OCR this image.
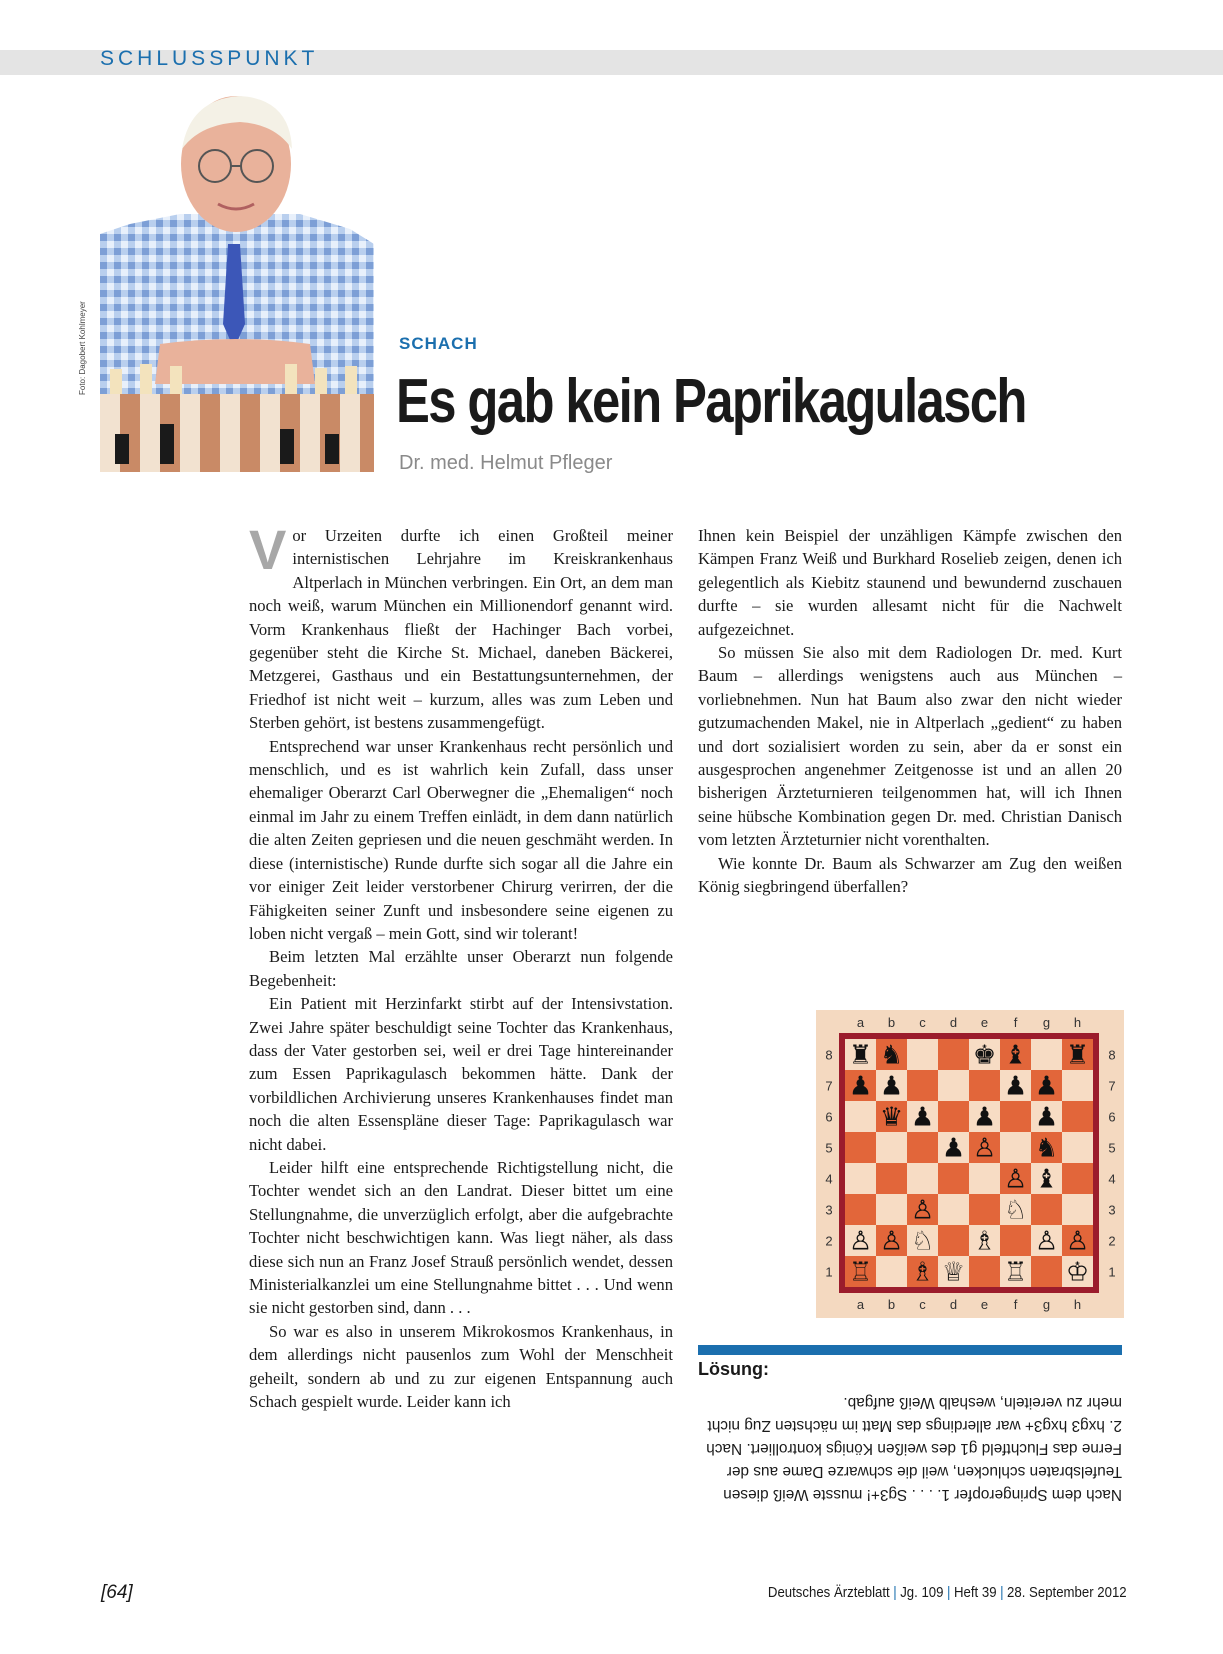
SCHLUSSPUNKT
Foto: Dagobert Kohlmeyer	SCHACH
Es gab kein Paprikagulasch
Dr. med. Helmut Pfleger

Vor Urzeiten durfte ich einen Großteil meiner internistischen Lehrjahre im Kreiskrankenhaus Altperlach in München verbringen. Ein Ort, an dem man noch weiß, warum München ein Millionendorf genannt wird. Vorm Krankenhaus fließt der Hachinger Bach vorbei, gegenüber steht die Kirche St. Michael, daneben Bäckerei, Metzgerei, Gasthaus und ein Bestattungsunternehmen, der Friedhof ist nicht weit – kurzum, alles was zum Leben und Sterben gehört, ist bestens zusammengefügt.

Entsprechend war unser Krankenhaus recht persönlich und menschlich, und es ist wahrlich kein Zufall, dass unser ehemaliger Oberarzt Carl Oberwegner die „Ehemaligen“ noch einmal im Jahr zu einem Treffen einlädt, in dem dann natürlich die alten Zeiten gepriesen und die neuen geschmäht werden. In diese (internistische) Runde durfte sich sogar all die Jahre ein vor einiger Zeit leider verstorbener Chirurg verirren, der die Fähigkeiten seiner Zunft und insbesondere seine eigenen zu loben nicht vergaß – mein Gott, sind wir tolerant!

Beim letzten Mal erzählte unser Oberarzt nun folgende Begebenheit:

Ein Patient mit Herzinfarkt stirbt auf der Intensivstation. Zwei Jahre später beschuldigt seine Tochter das Krankenhaus, dass der Vater gestorben sei, weil er drei Tage hintereinander zum Essen Paprikagulasch bekommen hätte. Dank der vorbildlichen Archivierung unseres Krankenhauses findet man noch die alten Essenspläne dieser Tage: Paprikagulasch war nicht dabei.

Leider hilft eine entsprechende Richtigstellung nicht, die Tochter wendet sich an den Landrat. Dieser bittet um eine Stellungnahme, die unverzüglich erfolgt, aber die aufgebrachte Tochter nicht beschwichtigen kann. Was liegt näher, als dass diese sich nun an Franz Josef Strauß persönlich wendet, dessen Ministerialkanzlei um eine Stellungnahme bittet . . . Und wenn sie nicht gestorben sind, dann . . .

So war es also in unserem Mikrokosmos Krankenhaus, in dem allerdings nicht pausenlos zum Wohl der Menschheit geheilt, sondern ab und zu zur eigenen Entspannung auch Schach gespielt wurde. Leider kann ich

Ihnen kein Beispiel der unzähligen Kämpfe zwischen den Kämpen Franz Weiß und Burkhard Roselieb zeigen, denen ich gelegentlich als Kiebitz staunend und bewundernd zuschauen durfte – sie wurden allesamt nicht für die Nachwelt aufgezeichnet.

So müssen Sie also mit dem Radiologen Dr. med. Kurt Baum – allerdings wenigstens auch aus München – vorliebnehmen. Nun hat Baum also zwar den nicht wieder gutzumachenden Makel, nie in Altperlach „gedient“ zu haben und dort sozialisiert worden zu sein, aber da er sonst ein ausgesprochen angenehmer Zeitgenosse ist und an allen 20 bisherigen Ärzteturnieren teilgenommen hat, will ich Ihnen seine hübsche Kombination gegen Dr. med. Christian Danisch vom letzten Ärzteturnier nicht vorenthalten.

Wie konnte Dr. Baum als Schwarzer am Zug den weißen König siegbringend überfallen?

a
a
b
b
c
c
d
d
e
e
f
f
g
g
h
h
8	8
7	7
6	6
5	5
4	4
3	3
2	2
1	1
♜ ♞	♚ ♝ ♜
♟ ♟	♟ ♟
♛ ♟ ♟ ♟
♟ ♙ ♞
♙ ♝
♙	♘
♙ ♙ ♘ ♗ ♙ ♙
♖ ♗ ♕ ♖ ♔
Lösung:

Nach dem Springeropfer 1. . . . Sg3+! musste Weiß diesen

Teufelsbraten schlucken, weil die schwarze Dame aus der

Ferne das Fluchtfeld g1 des weißen Königs kontrolliert. Nach

2. hxg3 hxg3+ war allerdings das Matt im nächsten Zug nicht

mehr zu vereiteln, weshalb Weiß aufgab.

[64]	Deutsches Ärzteblatt | Jg. 109 | Heft 39 | 28. September 2012
